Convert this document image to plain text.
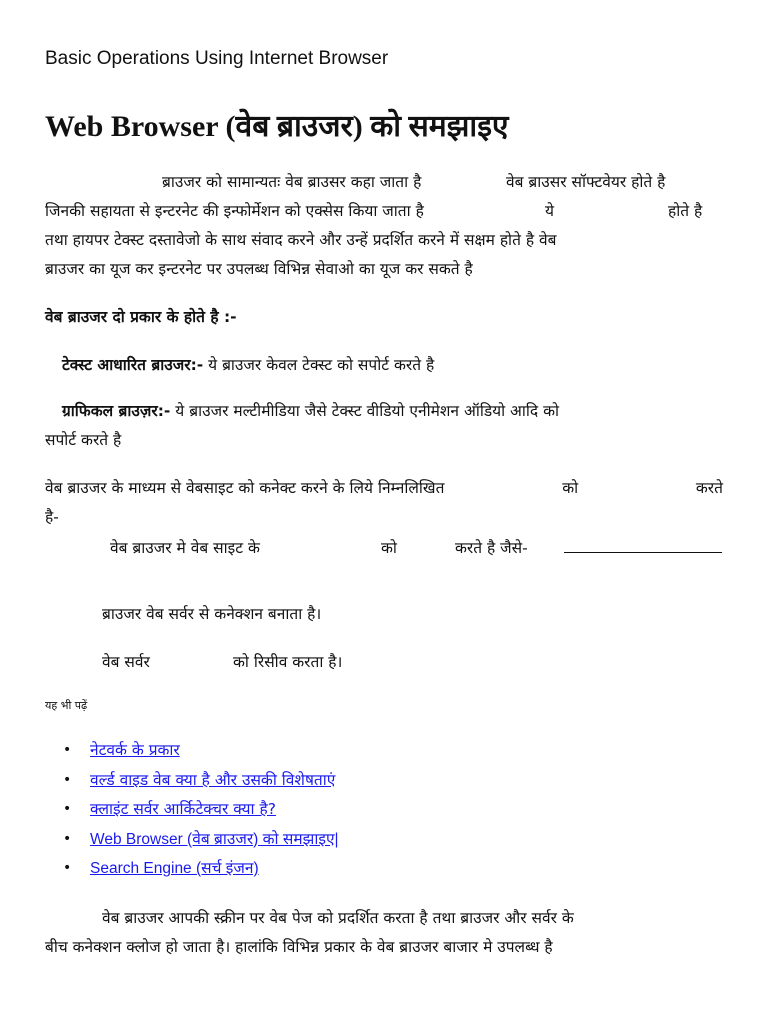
Basic Operations Using Internet Browser
Web Browser (वेब ब्राउजर) को समझाइए
ब्राउजर को सामान्यतः वेब ब्राउसर कहा जाता है	वेब ब्राउसर सॉफ्टवेयर होते है
जिनकी सहायता से इन्टरनेट की इन्फोर्मेशन को एक्सेस किया जाता है	ये	होते है
तथा हायपर टेक्स्ट दस्तावेजो के साथ संवाद करने और उन्हें प्रदर्शित करने में सक्षम होते है वेब
ब्राउजर का यूज कर इन्टरनेट पर उपलब्ध विभिन्न सेवाओ का यूज कर सकते है
वेब ब्राउजर दो प्रकार के होते है :-
टेक्स्ट आधारित ब्राउजर:- ये ब्राउजर केवल टेक्स्ट को सपोर्ट करते है
ग्राफिकल ब्राउज़र:- ये ब्राउजर मल्टीमीडिया जैसे टेक्स्ट वीडियो एनीमेशन ऑडियो आदि को
सपोर्ट करते है
वेब ब्राउजर के माध्यम से वेबसाइट को कनेक्ट करने के लिये निम्नलिखित	को	करते
है-
वेब ब्राउजर मे वेब साइट के	को	करते है जैसे-
ब्राउजर वेब सर्वर से कनेक्शन बनाता है।
वेब सर्वर	को रिसीव करता है।
यह भी पढ़ें
• नेटवर्क के प्रकार
• वर्ल्ड वाइड वेब क्या है और उसकी विशेषताएं
• क्लाइंट सर्वर आर्किटेक्चर क्या है?
• Web Browser (वेब ब्राउजर) को समझाइए|
• Search Engine (सर्च इंजन)
वेब ब्राउजर आपकी स्क्रीन पर वेब पेज को प्रदर्शित करता है तथा ब्राउजर और सर्वर के
बीच कनेक्शन क्लोज हो जाता है। हालांकि विभिन्न प्रकार के वेब ब्राउजर बाजार मे उपलब्ध है
